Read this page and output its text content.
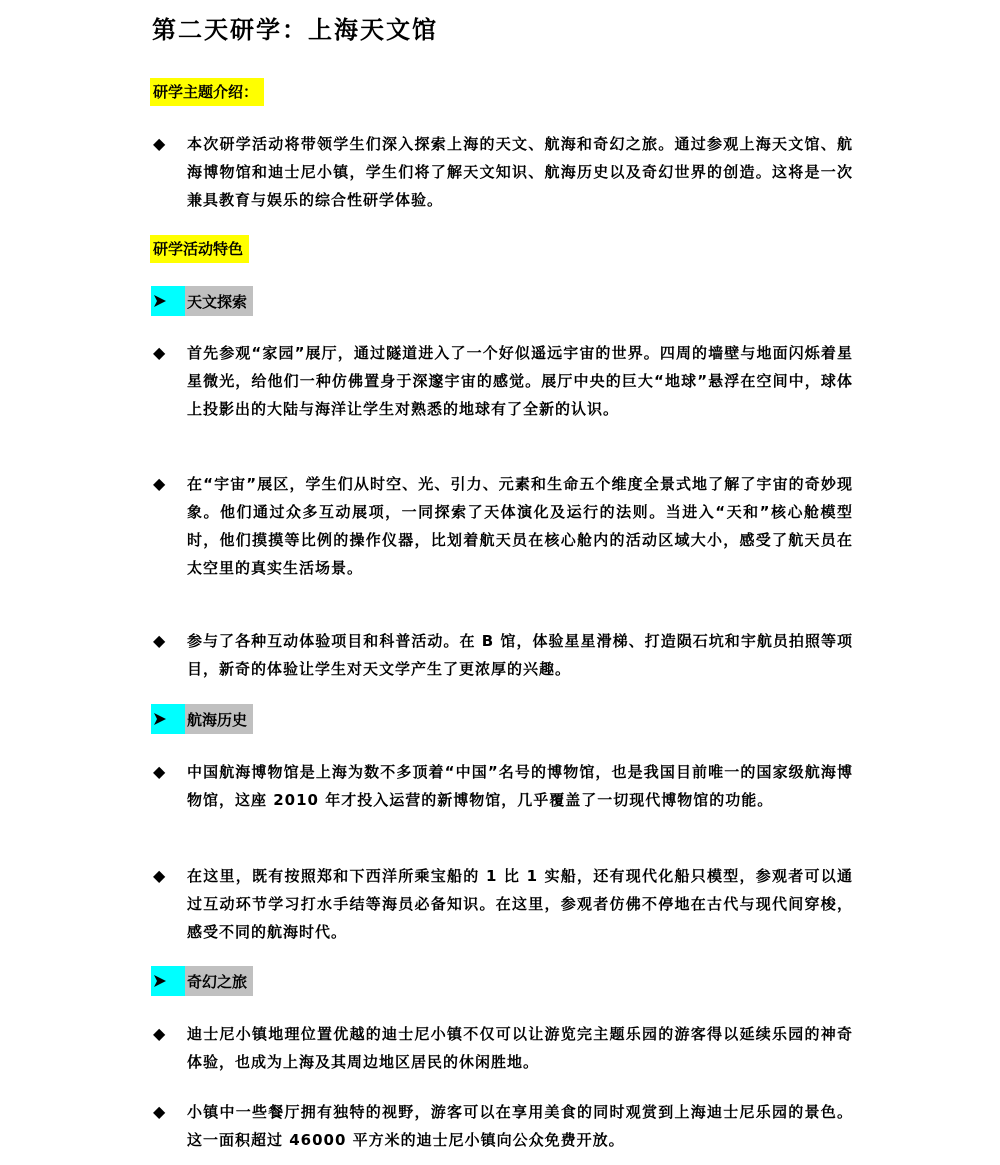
第二天研学：上海天文馆
研学主题介绍：
◆	本次研学活动将带领学生们深入探索上海的天文、航海和奇幻之旅。通过参观上海天文馆、航海博物馆和迪士尼小镇，学生们将了解天文知识、航海历史以及奇幻世界的创造。这将是一次兼具教育与娱乐的综合性研学体验。
研学活动特色
天文探索
◆	首先参观“家园”展厅，通过隧道进入了一个好似遥远宇宙的世界。四周的墙壁与地面闪烁着星星微光，给他们一种仿佛置身于深邃宇宙的感觉。展厅中央的巨大“地球”悬浮在空间中，球体上投影出的大陆与海洋让学生对熟悉的地球有了全新的认识。
◆	在“宇宙”展区，学生们从时空、光、引力、元素和生命五个维度全景式地了解了宇宙的奇妙现象。他们通过众多互动展项，一同探索了天体演化及运行的法则。当进入“天和”核心舱模型时，他们摸摸等比例的操作仪器，比划着航天员在核心舱内的活动区域大小，感受了航天员在太空里的真实生活场景。
◆	参与了各种互动体验项目和科普活动。在 B 馆，体验星星滑梯、打造陨石坑和宇航员拍照等项目，新奇的体验让学生对天文学产生了更浓厚的兴趣。
航海历史
◆	中国航海博物馆是上海为数不多顶着“中国”名号的博物馆，也是我国目前唯一的国家级航海博物馆，这座 2010 年才投入运营的新博物馆，几乎覆盖了一切现代博物馆的功能。
◆	在这里，既有按照郑和下西洋所乘宝船的 1 比 1 实船，还有现代化船只模型，参观者可以通过互动环节学习打水手结等海员必备知识。在这里，参观者仿佛不停地在古代与现代间穿梭，感受不同的航海时代。
奇幻之旅
◆	迪士尼小镇地理位置优越的迪士尼小镇不仅可以让游览完主题乐园的游客得以延续乐园的神奇体验，也成为上海及其周边地区居民的休闲胜地。
◆	小镇中一些餐厅拥有独特的视野，游客可以在享用美食的同时观赏到上海迪士尼乐园的景色。这一面积超过 46000 平方米的迪士尼小镇向公众免费开放。
